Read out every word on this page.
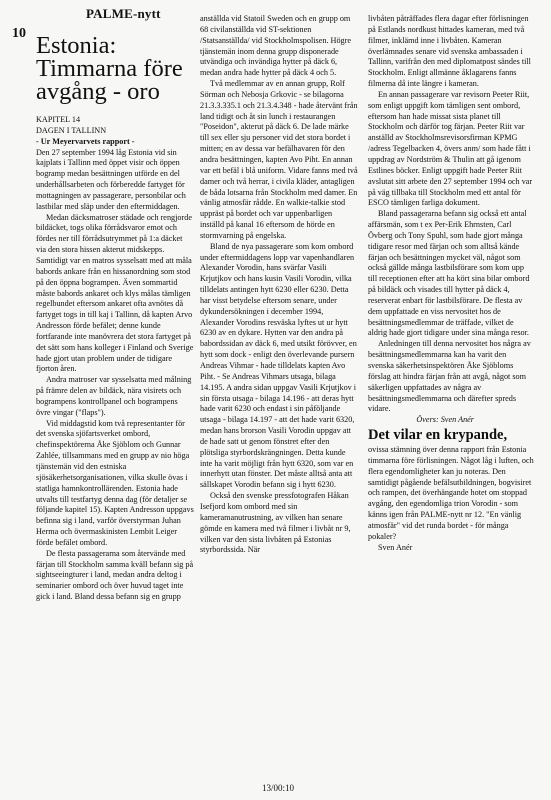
10
PALME-nytt
Estonia: Timmarna före avgång - oro
KAPITEL 14
DAGEN I TALLINN
- Ur Meyervarvets rapport -

Den 27 september 1994 låg Estonia vid sin kajplats i Tallinn med öppet visir och öppen bogramp medan besättningen utförde en del underhållsarbeten och förberedde fartyget för mottagningen av passagerare, personbilar och lastbilar med släp under den eftermiddagen.

Medan däcksmatroser städade och rengjorde bildäcket, togs olika förrådsvaror emot och fördes ner till förrådsutrymmet på 1:a däcket via den stora hissen akterut midskepps. Samtidigt var en matros sysselsatt med att måla babords ankare från en hissanordning som stod på den öppna bogrampen. Även sommartid måste babords ankaret och klys målas tämligen regelbundet eftersom ankaret ofta avnötes då fartyget togs in till kaj i Tallinn, då kapten Arvo Andresson förde befälet; denne kunde fortfarande inte manövrera det stora fartyget på det sätt som hans kolleger i Finland och Sverige hade gjort utan problem under de tidigare fjorton åren.

Andra matroser var sysselsatta med målning på främre delen av bildäck, nära visirets och bogrampens kontrollpanel och bogrampens övre vingar ("flaps").

Vid middagstid kom två representanter för det svenska sjöfartsverket ombord, chefinspektörerna Åke Sjöblom och Gunnar Zahlée, tillsammans med en grupp av nio höga tjänstemän vid den estniska sjösäkerhetsorganisationen, vilka skulle övas i statliga hamnkontrollärenden. Estonia hade utvalts till testfartyg denna dag (för detaljer se följande kapitel 15). Kapten Andresson uppgavs befinna sig i land, varför överstyrman Juhan Herma och övermaskinisten Lembit Leiger förde befälet ombord.

De flesta passagerarna som återvände med färjan till Stockholm samma kväll befann sig på sightseeingturer i land, medan andra deltog i seminarier ombord och över huvud taget inte gick i land. Bland dessa befann sig en grupp

anställda vid Statoil Sweden och en grupp om 68 civilanställda vid ST-sektionen /Statsanställda/ vid Stockholmspolisen. Högre tjänstemän inom denna grupp disponerade utvändiga och invändiga hytter på däck 6, medan andra hade hytter på däck 4 och 5.

Två medlemmar av en annan grupp, Rolf Sörman och Nebosja Grkovic - se bilagorna 21.3.3.335.1 och 21.3.4.348 - hade återvänt från land tidigt och åt sin lunch i restaurangen "Poseidon", akterut på däck 6. De lade märke till sex eller sju personer vid det stora bordet i mitten; en av dessa var befälhavaren för den andra besättningen, kapten Avo Piht. En annan var ett befäl i blå uniform. Vidare fanns med två damer och två herrar, i civila kläder, antagligen de båda lotsarna från Stockholm med damer. En vänlig atmosfär rådde. En walkie-talkie stod uppräst på bordet och var uppenbarligen inställd på kanal 16 eftersom de hörde en stormvarning på engelska.

Bland de nya passagerare som kom ombord under eftermiddagens lopp var vapenhandlaren Alexander Vorodin, hans svärfar Vasili Krjutjkov och hans kusin Vasili Vorodin, vilka tilldelats antingen hytt 6230 eller 6230. Detta har visst betydelse eftersom senare, under dykundersökningen i december 1994, Alexander Vorodins resväska lyftes ut ur hytt 6230 av en dykare. Hytten var den andra på babordssidan av däck 6, med utsikt förövver, en hytt som dock - enligt den överlevande pursern Andreas Vihmar - hade tilldelats kapten Avo Piht. - Se Andreas Vihmars utsaga, bilaga 14.195. A andra sidan uppgav Vasili Krjutjkov i sin första utsaga - bilaga 14.196 - att deras hytt hade varit 6230 och endast i sin påföljande utsaga - bilaga 14.197 - att det hade varit 6320, medan hans brorson Vasili Vorodin uppgav att de hade satt ut genom fönstret efter den plötsliga styrbordskrängningen. Detta kunde inte ha varit möjligt från hytt 6320, som var en innerhytt utan fönster. Det måste alltså anta att sällskapet Vorodin befann sig i hytt 6230.

Också den svenske pressfotografen Håkan Isefjord kom ombord med sin kameramanutrustning, av vilken han senare gömde en kamera med två filmer i livbåt nr 9, vilken var den sista livbåten på Estonias styrbordssida. När

livbåten påträffades flera dagar efter förlisningen på Estlands nordkust hittades kameran, med två filmer, inklämd inne i livbåten. Kameran överlämnades senare vid svenska ambassaden i Tallinn, varifrån den med diplomatpost sändes till Stockholm. Enligt allmänne åklagarens fanns filmerna då inte längre i kameran.

En annan passagerare var revisorn Peeter Riit, som enligt uppgift kom tämligen sent ombord, eftersom han hade missat sista planet till Stockholm och därför tog färjan. Peeter Riit var anställd av Stockholmsrevisorsfirman KPMG /adress Tegelbacken 4, övers anm/ som hade fått i uppdrag av Nordström & Thulin att gå igenom Estlines böcker. Enligt uppgift hade Peeter Riit avslutat sitt arbete den 27 september 1994 och var på väg tillbaka till Stockholm med ett antal för ESCO tämligen farliga dokument.

Bland passagerarna befann sig också ett antal affärsmän, som t ex Per-Erik Ehrnsten, Carl Övberg och Tony Spuhl, som hade gjort många tidigare resor med färjan och som alltså kände färjan och besättningen mycket väl, något som också gällde många lastbilsförare som kom upp till receptionen efter att ha kört sina bilar ombord på bildäck och visades till hytter på däck 4, reserverat enbart för lastbilsförare. De flesta av dem uppfattade en viss nervositet hos de besättningsmedlemmar de träffade, vilket de aldrig hade gjort tidigare under sina många resor.

Anledningen till denna nervositet hos några av besättningsmedlemmarna kan ha varit den svenska säkerhetsinspektören Åke Sjöbloms förslag att hindra färjan från att avgå, något som säkerligen uppfattades av några av besättningsmedlemmarna och därefter spreds vidare.

Övers: Sven Anér

Det vilar en krypande,

ovissa stämning över denna rapport från Estonia timmarna före förlisningen. Något låg i luften, och flera egendomligheter kan ju noteras. Den samtidigt pågående befälsutbildningen, bogvisiret och rampen, det överhängande hotet om stoppad avgång, den egendomliga trion Vorodin - som känns igen från PALME-nytt nr 12. "En vänlig atmosfär" vid det runda bordet - för många pokaler?

Sven Anér

13/00:10
